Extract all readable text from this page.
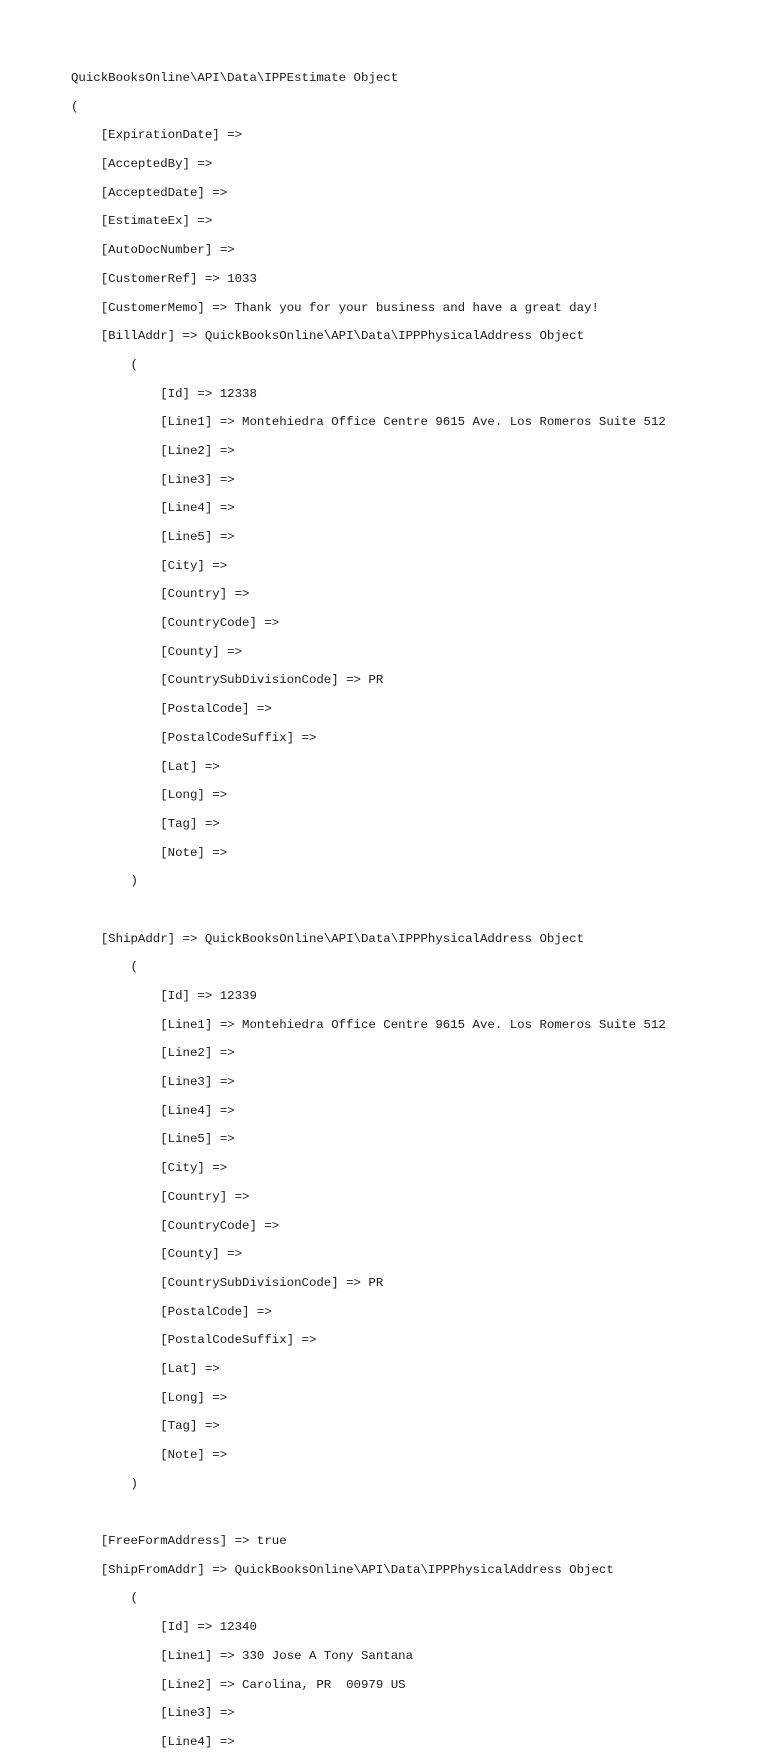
QuickBooksOnline\API\Data\IPPEstimate Object

(

[ExpirationDate] =>

[AcceptedBy] =>

[AcceptedDate] =>

[EstimateEx] =>

[AutoDocNumber] =>

[CustomerRef] => 1033

[CustomerMemo] => Thank you for your business and have a great day!

[BillAddr] => QuickBooksOnline\API\Data\IPPPhysicalAddress Object

(

[Id] => 12338

[Line1] => Montehiedra Office Centre 9615 Ave. Los Romeros Suite 512

[Line2] =>

[Line3] =>

[Line4] =>

[Line5] =>

[City] =>

[Country] =>

[CountryCode] =>

[County] =>

[CountrySubDivisionCode] => PR

[PostalCode] =>

[PostalCodeSuffix] =>

[Lat] =>

[Long] =>

[Tag] =>

[Note] =>

)

[ShipAddr] => QuickBooksOnline\API\Data\IPPPhysicalAddress Object

(

[Id] => 12339

[Line1] => Montehiedra Office Centre 9615 Ave. Los Romeros Suite 512

[Line2] =>

[Line3] =>

[Line4] =>

[Line5] =>

[City] =>

[Country] =>

[CountryCode] =>

[County] =>

[CountrySubDivisionCode] => PR

[PostalCode] =>

[PostalCodeSuffix] =>

[Lat] =>

[Long] =>

[Tag] =>

[Note] =>

)

[FreeFormAddress] => true

[ShipFromAddr] => QuickBooksOnline\API\Data\IPPPhysicalAddress Object

(

[Id] => 12340

[Line1] => 330 Jose A Tony Santana

[Line2] => Carolina, PR  00979 US

[Line3] =>

[Line4] =>
